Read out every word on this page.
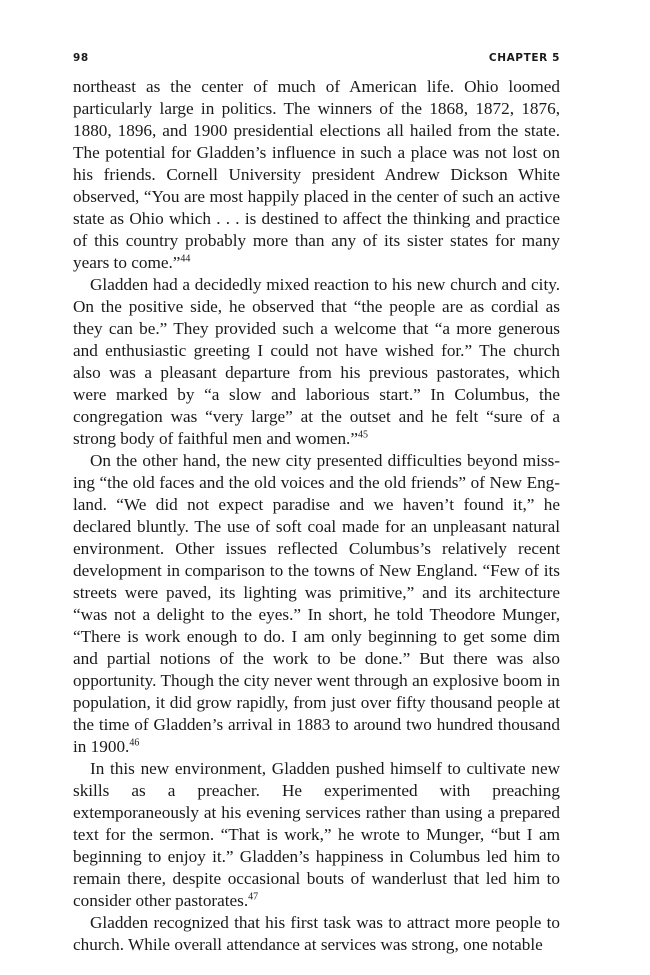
98	CHAPTER 5

northeast as the center of much of American life. Ohio loomed particularly large in politics. The winners of the 1868, 1872, 1876, 1880, 1896, and 1900 presidential elections all hailed from the state. The potential for Gladden’s influence in such a place was not lost on his friends. Cornell University president Andrew Dickson White observed, “You are most happily placed in the center of such an active state as Ohio which . . . is destined to affect the thinking and practice of this country probably more than any of its sister states for many years to come.”$^{44}$

Gladden had a decidedly mixed reaction to his new church and city. On the positive side, he observed that “the people are as cordial as they can be.” They provided such a welcome that “a more generous and enthusiastic greeting I could not have wished for.” The church also was a pleasant departure from his previous pastorates, which were marked by “a slow and laborious start.” In Columbus, the congregation was “very large” at the outset and he felt “sure of a strong body of faithful men and women.”$^{45}$

On the other hand, the new city presented difficulties beyond missing “the old faces and the old voices and the old friends” of New England. “We did not expect paradise and we haven’t found it,” he declared bluntly. The use of soft coal made for an unpleasant natural environment. Other issues reflected Columbus’s relatively recent development in comparison to the towns of New England. “Few of its streets were paved, its lighting was primitive,” and its architecture “was not a delight to the eyes.” In short, he told Theodore Munger, “There is work enough to do. I am only beginning to get some dim and partial notions of the work to be done.” But there was also opportunity. Though the city never went through an explosive boom in population, it did grow rapidly, from just over fifty thousand people at the time of Gladden’s arrival in 1883 to around two hundred thousand in 1900.46

In this new environment, Gladden pushed himself to cultivate new skills as a preacher. He experimented with preaching extemporaneously at his evening services rather than using a prepared text for the sermon. “That is work,” he wrote to Munger, “but I am beginning to enjoy it.” Gladden’s happiness in Columbus led him to remain there, despite occasional bouts of wanderlust that led him to consider other pastorates.$^{47}$

Gladden recognized that his first task was to attract more people to church. While overall attendance at services was strong, one notable
